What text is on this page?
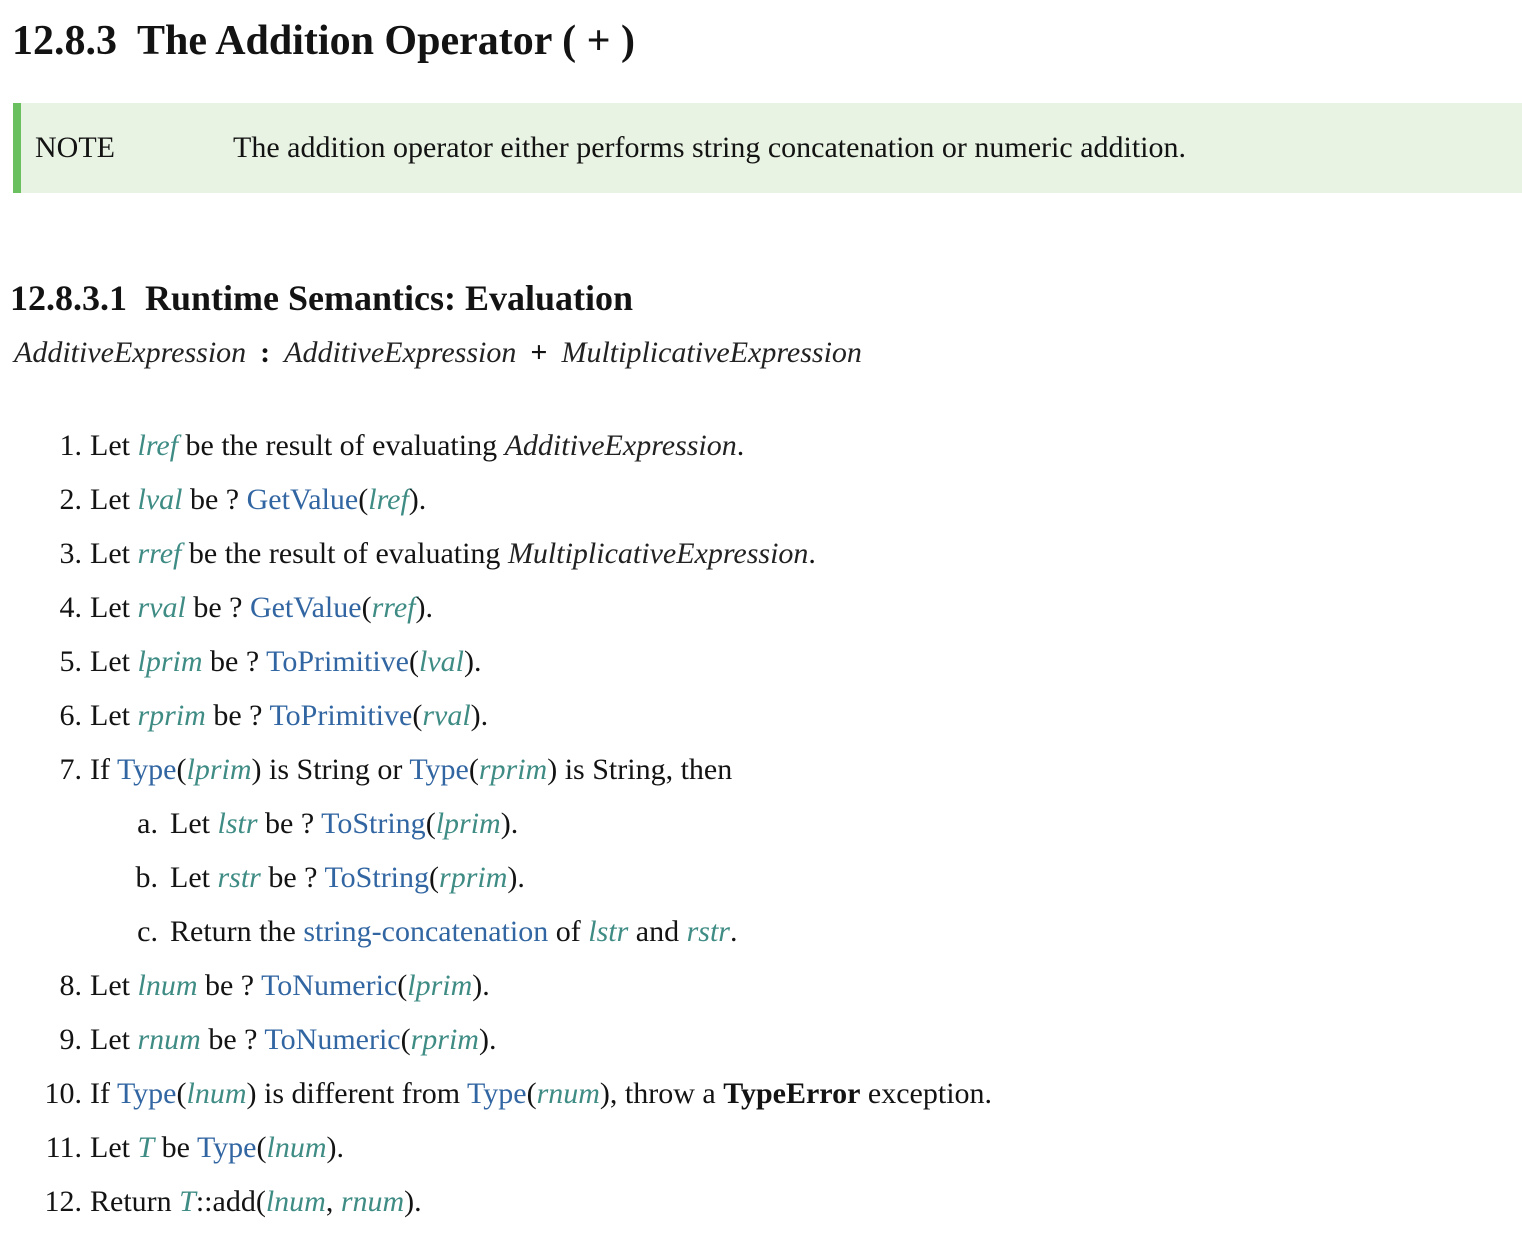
12.8.3 The Addition Operator ( + )
NOTE	The addition operator either performs string concatenation or numeric addition.
12.8.3.1 Runtime Semantics: Evaluation
AdditiveExpression : AdditiveExpression + MultiplicativeExpression
1. Let lref be the result of evaluating AdditiveExpression.
2. Let lval be ? GetValue(lref).
3. Let rref be the result of evaluating MultiplicativeExpression.
4. Let rval be ? GetValue(rref).
5. Let lprim be ? ToPrimitive(lval).
6. Let rprim be ? ToPrimitive(rval).
7. If Type(lprim) is String or Type(rprim) is String, then
a. Let lstr be ? ToString(lprim).
b. Let rstr be ? ToString(rprim).
c. Return the string-concatenation of lstr and rstr.
8. Let lnum be ? ToNumeric(lprim).
9. Let rnum be ? ToNumeric(rprim).
10. If Type(lnum) is different from Type(rnum), throw a TypeError exception.
11. Let T be Type(lnum).
12. Return T::add(lnum, rnum).
